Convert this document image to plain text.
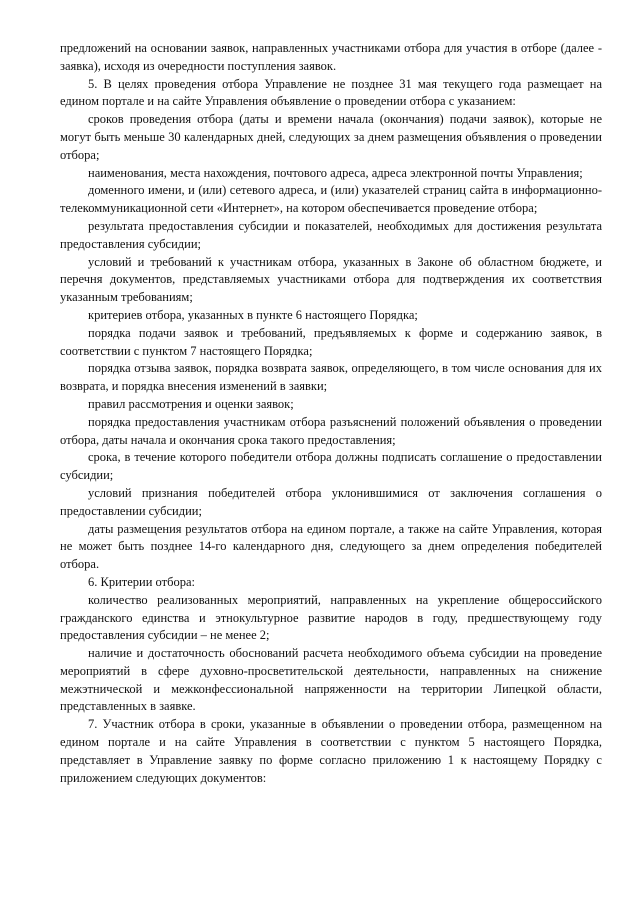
предложений на основании заявок, направленных участниками отбора для участия в отборе (далее - заявка), исходя из очередности поступления заявок.

5. В целях проведения отбора Управление не позднее 31 мая текущего года размещает на едином портале и на сайте Управления объявление о проведении отбора с указанием:

сроков проведения отбора (даты и времени начала (окончания) подачи заявок), которые не могут быть меньше 30 календарных дней, следующих за днем размещения объявления о проведении отбора;

наименования, места нахождения, почтового адреса, адреса электронной почты Управления;

доменного имени, и (или) сетевого адреса, и (или) указателей страниц сайта в информационно-телекоммуникационной сети «Интернет», на котором обеспечивается проведение отбора;

результата предоставления субсидии и показателей, необходимых для достижения результата предоставления субсидии;

условий и требований к участникам отбора, указанных в Законе об областном бюджете, и перечня документов, представляемых участниками отбора для подтверждения их соответствия указанным требованиям;

критериев отбора, указанных в пункте 6 настоящего Порядка;

порядка подачи заявок и требований, предъявляемых к форме и содержанию заявок, в соответствии с пунктом 7 настоящего Порядка;

порядка отзыва заявок, порядка возврата заявок, определяющего, в том числе основания для их возврата, и порядка внесения изменений в заявки;

правил рассмотрения и оценки заявок;

порядка предоставления участникам отбора разъяснений положений объявления о проведении отбора, даты начала и окончания срока такого предоставления;

срока, в течение которого победители отбора должны подписать соглашение о предоставлении субсидии;

условий признания победителей отбора уклонившимися от заключения соглашения о предоставлении субсидии;

даты размещения результатов отбора на едином портале, а также на сайте Управления, которая не может быть позднее 14-го календарного дня, следующего за днем определения победителей отбора.

6. Критерии отбора:

количество реализованных мероприятий, направленных на укрепление общероссийского гражданского единства и этнокультурное развитие народов в году, предшествующему году предоставления субсидии – не менее 2;

наличие и достаточность обоснований расчета необходимого объема субсидии на проведение мероприятий в сфере духовно-просветительской деятельности, направленных на снижение межэтнической и межконфессиональной напряженности на территории Липецкой области, представленных в заявке.

7. Участник отбора в сроки, указанные в объявлении о проведении отбора, размещенном на едином портале и на сайте Управления в соответствии с пунктом 5 настоящего Порядка, представляет в Управление заявку по форме согласно приложению 1 к настоящему Порядку с приложением следующих документов:
